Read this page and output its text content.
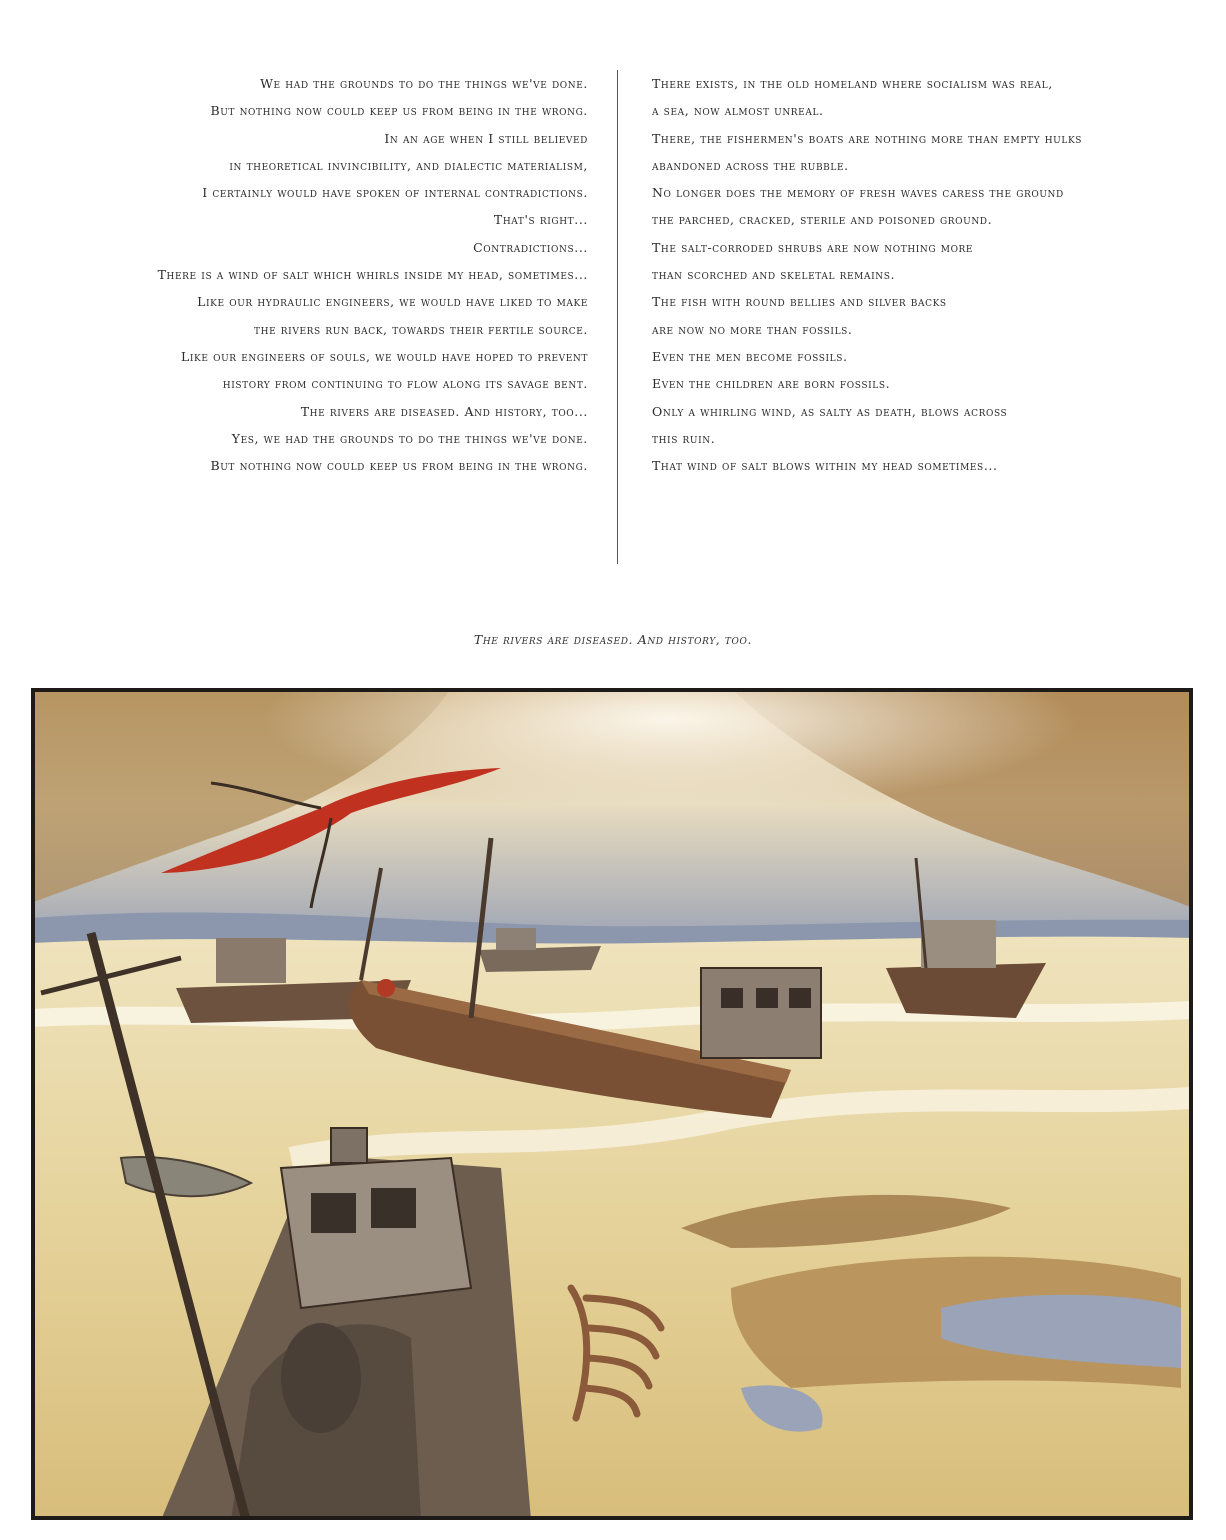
We had the grounds to do the things we've done.
But nothing now could keep us from being in the wrong.
In an age when I still believed
in theoretical invincibility, and dialectic materialism,
I certainly would have spoken of internal contradictions.
That's right...
Contradictions...
There is a wind of salt which whirls inside my head, sometimes...
Like our hydraulic engineers, we would have liked to make
the rivers run back, towards their fertile source.
Like our engineers of souls, we would have hoped to prevent
history from continuing to flow along its savage bent.
The rivers are diseased. And history, too...
Yes, we had the grounds to do the things we've done.
But nothing now could keep us from being in the wrong.
There exists, in the old homeland where socialism was real,
a sea, now almost unreal.
There, the fishermen's boats are nothing more than empty hulks
abandoned across the rubble.
No longer does the memory of fresh waves caress the ground
the parched, cracked, sterile and poisoned ground.
The salt-corroded shrubs are now nothing more
than scorched and skeletal remains.
The fish with round bellies and silver backs
are now no more than fossils.
Even the men become fossils.
Even the children are born fossils.
Only a whirling wind, as salty as death, blows across
this ruin.
That wind of salt blows within my head sometimes...
The rivers are diseased. And history, too.
